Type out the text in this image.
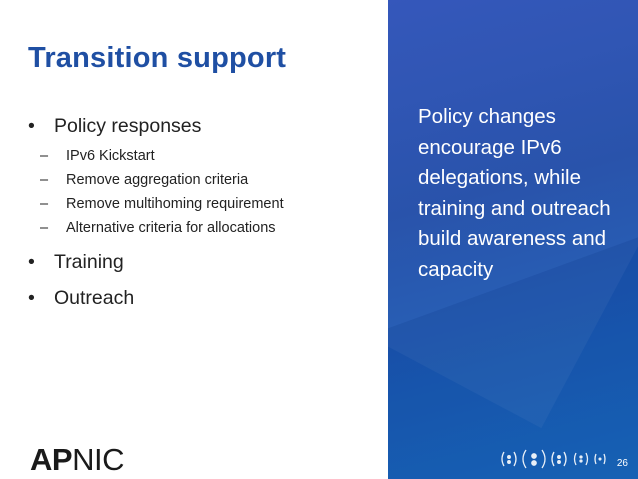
Transition support
• Policy responses
– IPv6 Kickstart
– Remove aggregation criteria
– Remove multihoming requirement
– Alternative criteria for allocations
• Training
• Outreach
Policy changes encourage IPv6 delegations, while training and outreach build awareness and capacity
APNIC	26
